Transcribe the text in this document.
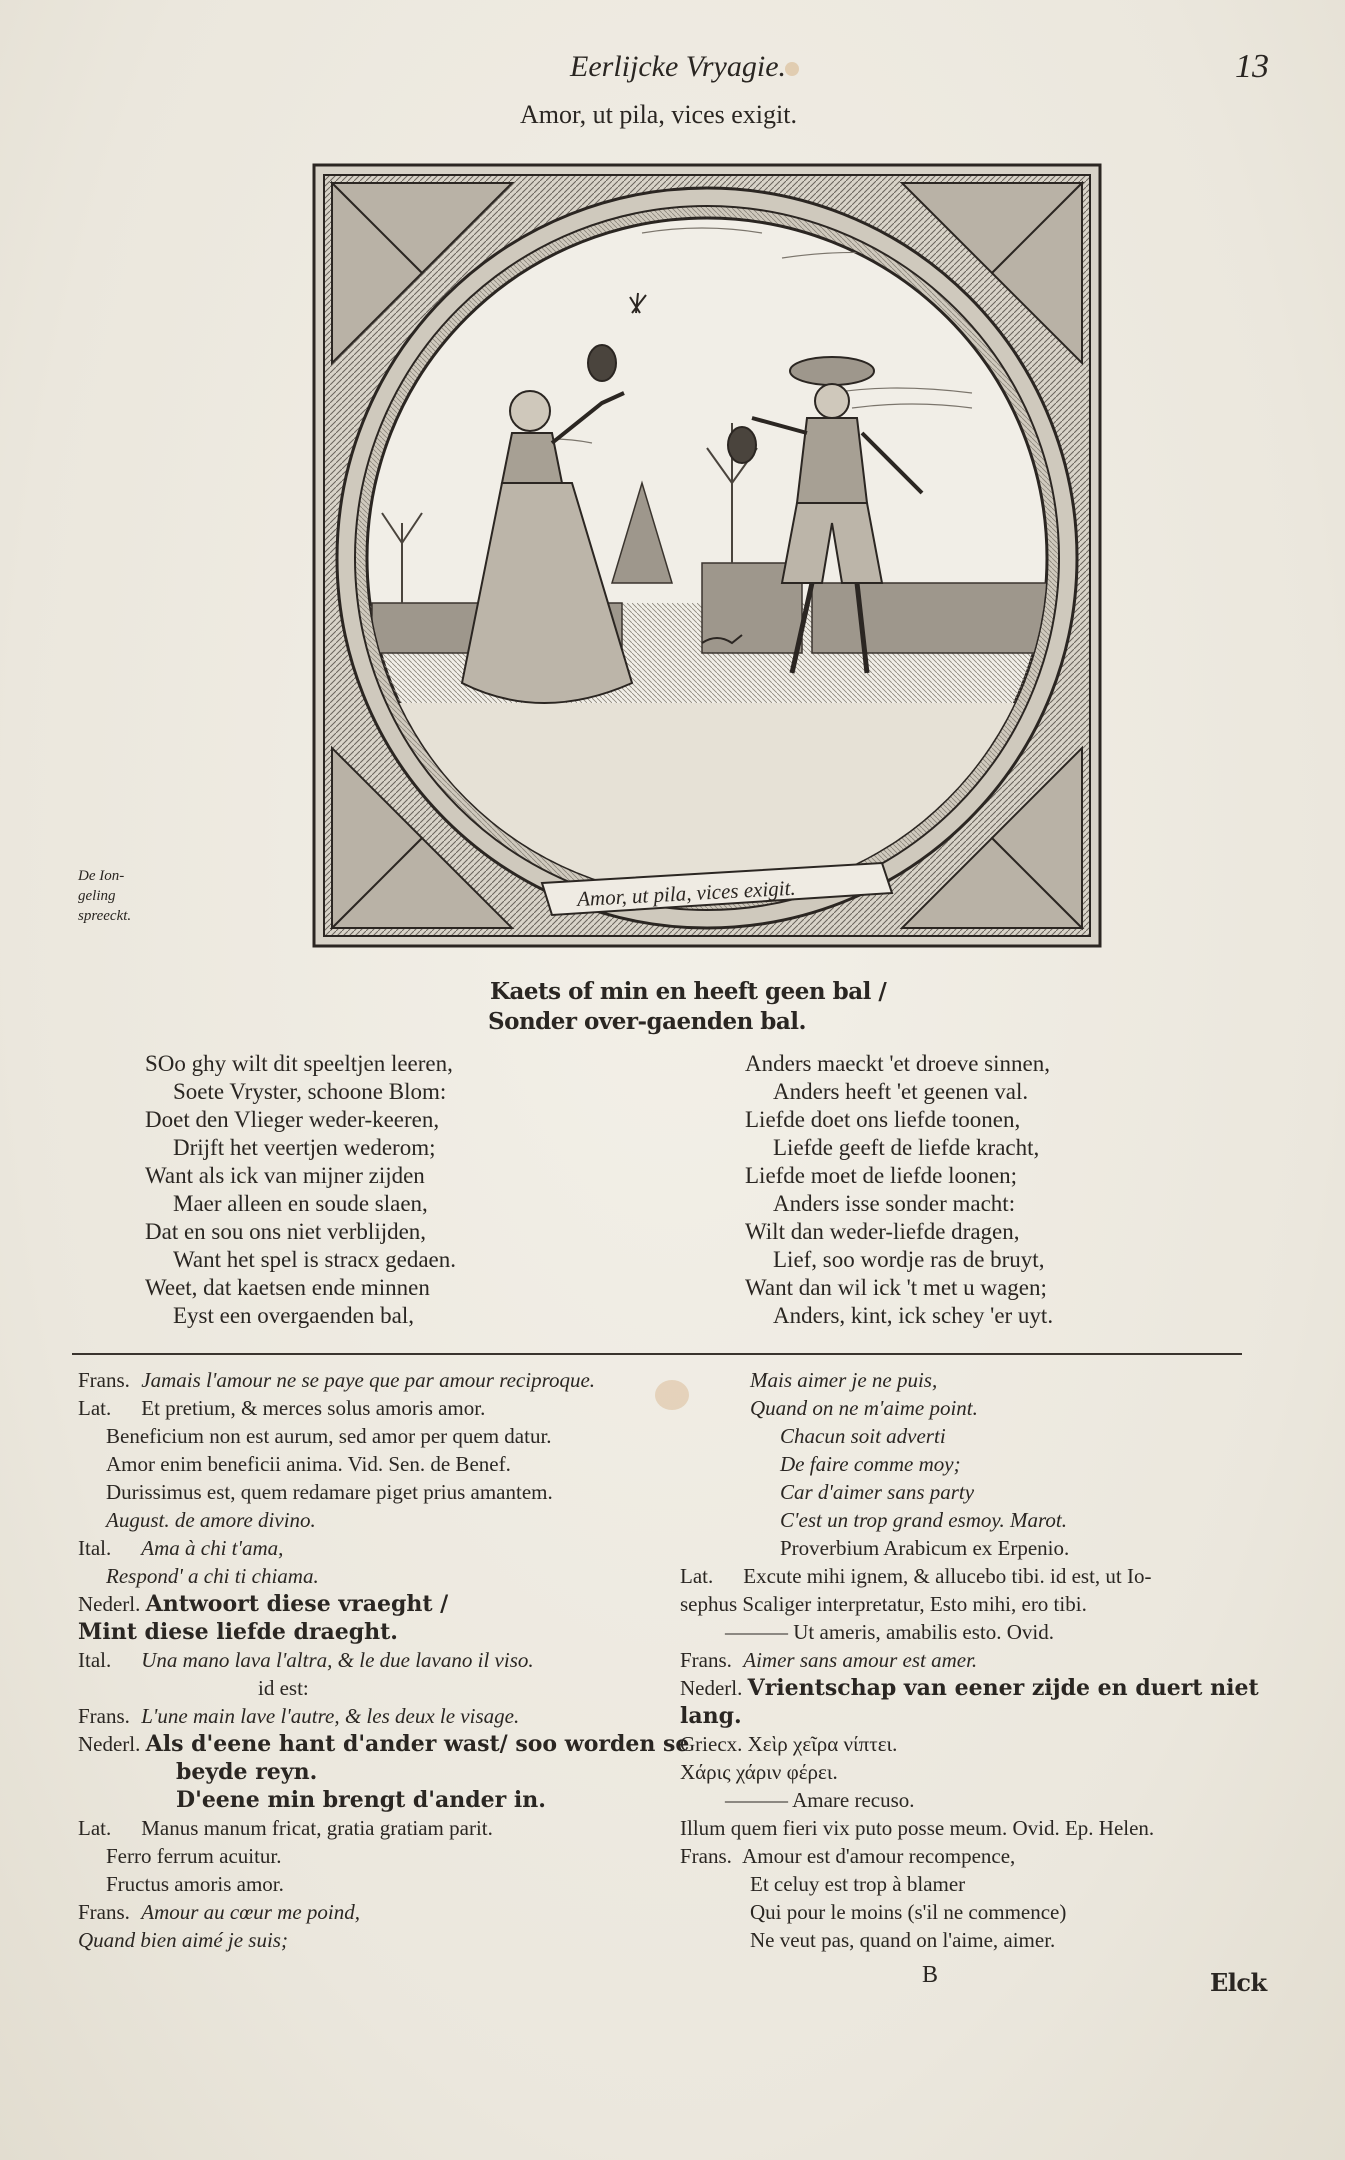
Eerlijcke Vryagie.	13
Amor, ut pila, vices exigit.
Amor, ut pila, vices exigit.
De Ion- geling spreeckt.
Kaets of min en heeft geen bal /
Sonder over-gaenden bal.
SOo ghy wilt dit speeltjen leeren,
Soete Vryster, schoone Blom:
Doet den Vlieger weder-keeren,
Drijft het veertjen wederom;
Want als ick van mijner zijden
Maer alleen en soude slaen,
Dat en sou ons niet verblijden,
Want het spel is stracx gedaen.
Weet, dat kaetsen ende minnen
Eyst een overgaenden bal,
Anders maeckt 'et droeve sinnen,
Anders heeft 'et geenen val.
Liefde doet ons liefde toonen,
Liefde geeft de liefde kracht,
Liefde moet de liefde loonen;
Anders isse sonder macht:
Wilt dan weder-liefde dragen,
Lief, soo wordje ras de bruyt,
Want dan wil ick 't met u wagen;
Anders, kint, ick schey 'er uyt.
Frans. Jamais l'amour ne se paye que par amour reciproque.
Lat. Et pretium, & merces solus amoris amor.
Beneficium non est aurum, sed amor per quem datur.
Amor enim beneficii anima. Vid. Sen. de Benef.
Durissimus est, quem redamare piget prius amantem.
August. de amore divino.
Ital. Ama à chi t'ama,
Respond' a chi ti chiama.
Nederl. Antwoort diese vraeght /
Mint diese liefde draeght.
Ital. Una mano lava l'altra, & le due lavano il viso.
id est:
Frans. L'une main lave l'autre, & les deux le visage.
Nederl. Als d'eene hant d'ander wast/ soo worden se
beyde reyn.
D'eene min brengt d'ander in.
Lat. Manus manum fricat, gratia gratiam parit.
Ferro ferrum acuitur.
Fructus amoris amor.
Frans. Amour au cœur me poind,
Quand bien aimé je suis;
Mais aimer je ne puis,
Quand on ne m'aime point.
Chacun soit adverti
De faire comme moy;
Car d'aimer sans party
C'est un trop grand esmoy. Marot.
Proverbium Arabicum ex Erpenio.
Lat. Excute mihi ignem, & allucebo tibi. id est, ut Io-
sephus Scaliger interpretatur, Esto mihi, ero tibi.
——— Ut ameris, amabilis esto. Ovid.
Frans. Aimer sans amour est amer.
Nederl. Vrientschap van eener zijde en duert niet
lang.
Griecx. Χεὶρ χεῖρα νίπτει.
Χάρις χάριν φέρει.
——— Amare recuso.
Illum quem fieri vix puto posse meum. Ovid. Ep. Helen.
Frans. Amour est d'amour recompence,
Et celuy est trop à blamer
Qui pour le moins (s'il ne commence)
Ne veut pas, quand on l'aime, aimer.
B	Elck
